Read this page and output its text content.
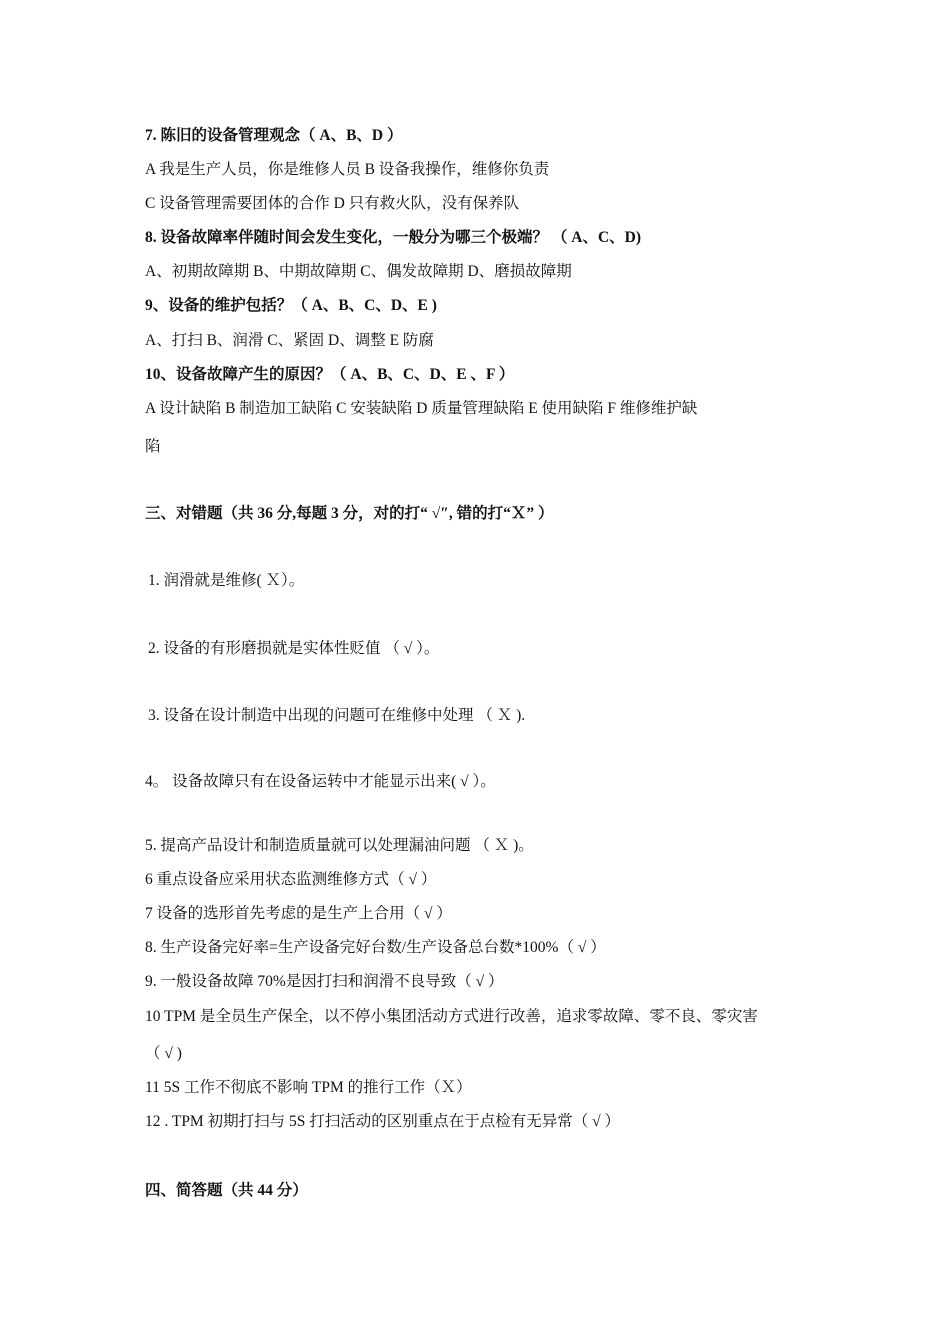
7. 陈旧的设备管理观念（ A、B、D ）
A 我是生产人员，你是维修人员 B 设备我操作，维修你负责
C 设备管理需要团体的合作 D 只有救火队，没有保养队
8. 设备故障率伴随时间会发生变化，一般分为哪三个极端？ （ A、C、D)
A、初期故障期 B、中期故障期 C、偶发故障期 D、磨损故障期
9、设备的维护包括？（ A、B、C、D、E )
A、打扫 B、润滑 C、紧固 D、调整 E 防腐
10、设备故障产生的原因？（ A、B、C、D、E 、F ）
A 设计缺陷 B 制造加工缺陷 C 安装缺陷 D 质量管理缺陷 E 使用缺陷 F 维修维护缺
陷
三、对错题（共 36 分,每题 3 分，对的打“ √″, 错的打“Ｘ” ）
1. 润滑就是维修( Ｘ）。
2. 设备的有形磨损就是实体性贬值 （ √ ）。
3. 设备在设计制造中出现的问题可在维修中处理 （ Ｘ ).
4。 设备故障只有在设备运转中才能显示出来( √ ）。
5. 提高产品设计和制造质量就可以处理漏油问题 （ Ｘ )。
6 重点设备应采用状态监测维修方式（ √ ）
7 设备的选形首先考虑的是生产上合用（ √ ）
8. 生产设备完好率=生产设备完好台数/生产设备总台数*100%（ √ ）
9. 一般设备故障 70%是因打扫和润滑不良导致（ √ ）
10 TPM 是全员生产保全，以不停小集团活动方式进行改善，追求零故障、零不良、零灾害
（ √ )
11 5S 工作不彻底不影响 TPM 的推行工作（Ｘ）
12 . TPM 初期打扫与 5S 打扫活动的区别重点在于点检有无异常（ √ ）
四、简答题（共 44 分）
